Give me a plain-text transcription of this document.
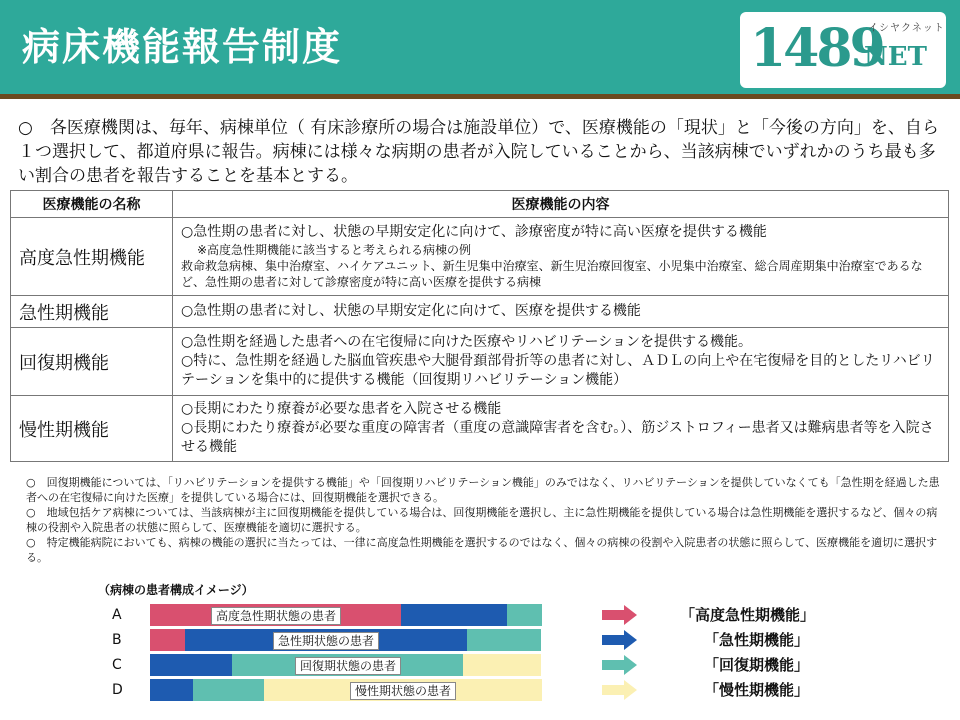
病床機能報告制度	1489
イシヤクネット
NET
○　各医療機関は、毎年、病棟単位（ 有床診療所の場合は施設単位）で、医療機能の「現状」と「今後の方向」を、自ら１つ選択して、都道府県に報告。病棟には様々な病期の患者が入院していることから、当該病棟でいずれかのうち最も多い割合の患者を報告することを基本とする。
医療機能の名称	医療機能の内容
高度急性期機能	○急性期の患者に対し、状態の早期安定化に向けて、診療密度が特に高い医療を提供する機能
※高度急性期機能に該当すると考えられる病棟の例
救命救急病棟、集中治療室、ハイケアユニット、新生児集中治療室、新生児治療回復室、小児集中治療室、総合周産期集中治療室であるなど、急性期の患者に対して診療密度が特に高い医療を提供する病棟

急性期機能	○急性期の患者に対し、状態の早期安定化に向けて、医療を提供する機能

回復期機能	○急性期を経過した患者への在宅復帰に向けた医療やリハビリテーションを提供する機能。
○特に、急性期を経過した脳血管疾患や大腿骨頚部骨折等の患者に対し、ＡＤＬの向上や在宅復帰を目的としたリハビリテーションを集中的に提供する機能（回復期リハビリテーション機能）

慢性期機能	○長期にわたり療養が必要な患者を入院させる機能
○長期にわたり療養が必要な重度の障害者（重度の意識障害者を含む。）、筋ジストロフィー患者又は難病患者等を入院させる機能
○　回復期機能については、「リハビリテーションを提供する機能」や「回復期リハビリテーション機能」のみではなく、リハビリテーションを提供していなくても「急性期を経過した患者への在宅復帰に向けた医療」を提供している場合には、回復期機能を選択できる。
○　地域包括ケア病棟については、当該病棟が主に回復期機能を提供している場合は、回復期機能を選択し、主に急性期機能を提供している場合は急性期機能を選択するなど、個々の病棟の役割や入院患者の状態に照らして、医療機能を適切に選択する。
○　特定機能病院においても、病棟の機能の選択に当たっては、一律に高度急性期機能を選択するのではなく、個々の病棟の役割や入院患者の状態に照らして、医療機能を適切に選択する。
（病棟の患者構成イメージ）
A	高度急性期状態の患者	「高度急性期機能」
B	急性期状態の患者	「急性期機能」
C	回復期状態の患者	「回復期機能」
D	慢性期状態の患者	「慢性期機能」
